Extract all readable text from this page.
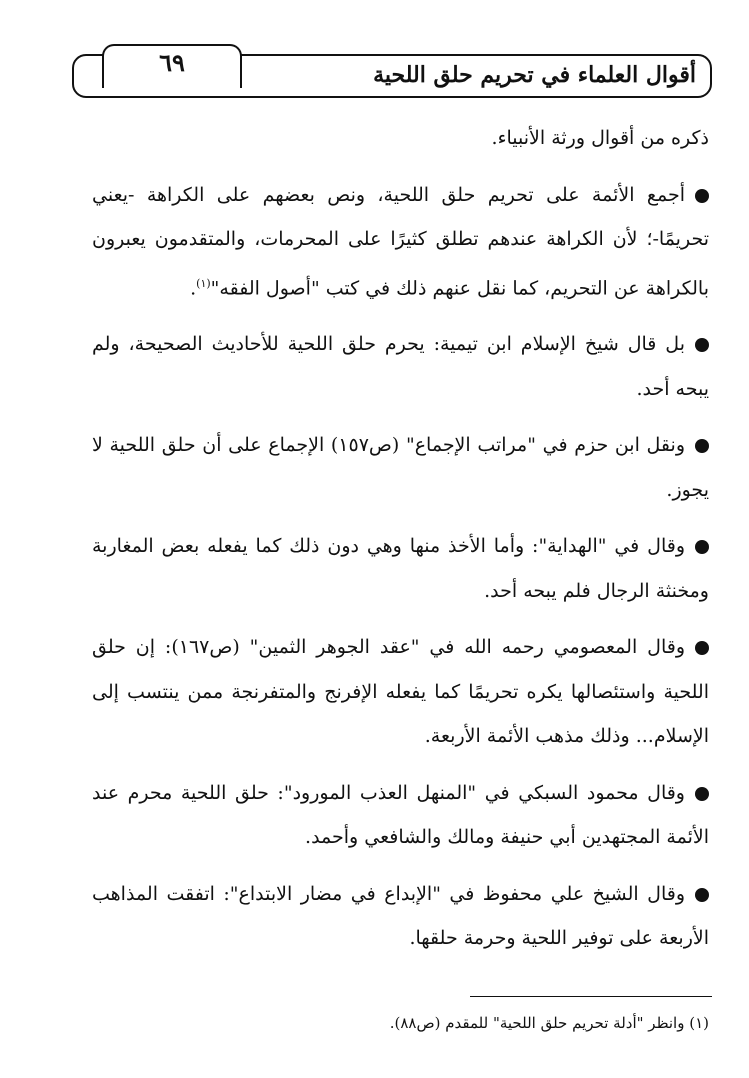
٦٩	أقوال العلماء في تحريم حلق اللحية

ذكره من أقوال ورثة الأنبياء.

أجمع الأئمة على تحريم حلق اللحية، ونص بعضهم على الكراهة -يعني تحريمًا-؛ لأن الكراهة عندهم تطلق كثيرًا على المحرمات، والمتقدمون يعبرون بالكراهة عن التحريم، كما نقل عنهم ذلك في كتب "أصول الفقه"$^{(١)}$.

بل قال شيخ الإسلام ابن تيمية: يحرم حلق اللحية للأحاديث الصحيحة، ولم يبحه أحد.

ونقل ابن حزم في "مراتب الإجماع" (ص١٥٧) الإجماع على أن حلق اللحية لا يجوز.

وقال في "الهداية": وأما الأخذ منها وهي دون ذلك كما يفعله بعض المغاربة ومخنثة الرجال فلم يبحه أحد.

وقال المعصومي رحمه الله في "عقد الجوهر الثمين" (ص١٦٧): إن حلق اللحية واستئصالها يكره تحريمًا كما يفعله الإفرنج والمتفرنجة ممن ينتسب إلى الإسلام... وذلك مذهب الأئمة الأربعة.

وقال محمود السبكي في "المنهل العذب المورود": حلق اللحية محرم عند الأئمة المجتهدين أبي حنيفة ومالك والشافعي وأحمد.

وقال الشيخ علي محفوظ في "الإبداع في مضار الابتداع": اتفقت المذاهب الأربعة على توفير اللحية وحرمة حلقها.

(١) وانظر "أدلة تحريم حلق اللحية" للمقدم (ص٨٨).
